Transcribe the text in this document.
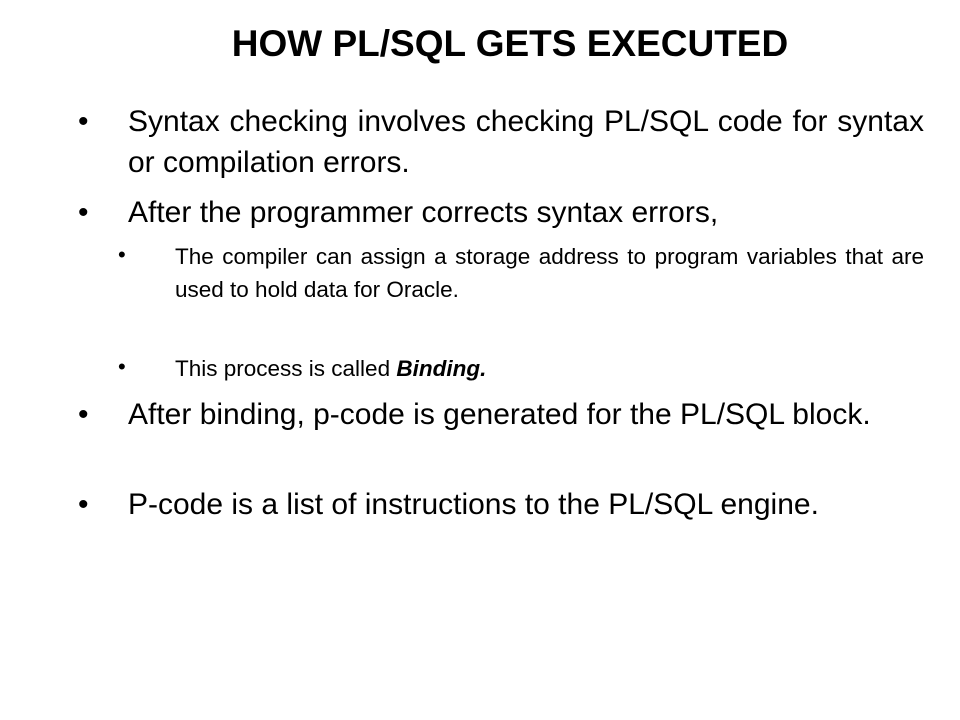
HOW PL/SQL GETS EXECUTED
• Syntax checking involves checking PL/SQL code for syntax or compilation errors.

• After the programmer corrects syntax errors,

• The compiler can assign a storage address to program variables that are used to hold data for Oracle.

• This process is called Binding.

• After binding, p-code is generated for the PL/SQL block.

• P-code is a list of instructions to the PL/SQL engine.
